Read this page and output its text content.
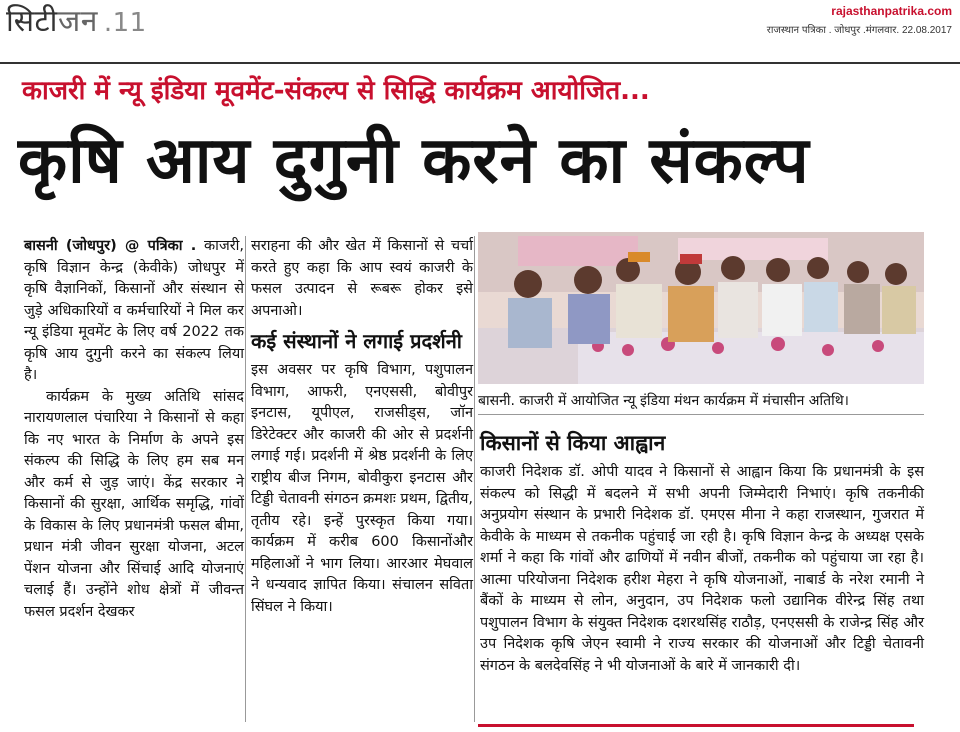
सिटीजन .11	rajasthanpatrika.com
राजस्थान पत्रिका . जोधपुर .मंगलवार. 22.08.2017
काजरी में न्यू इंडिया मूवमेंट-संकल्प से सिद्धि कार्यक्रम आयोजित...
कृषि आय दुगुनी करने का संकल्प

बासनी (जोधपुर) @ पत्रिका . काजरी, कृषि विज्ञान केन्द्र (केवीके) जोधपुर में कृषि वैज्ञानिकों, किसानों और संस्थान से जुड़े अधिकारियों व कर्मचारियों ने मिल कर न्यू इंडिया मूवमेंट के लिए वर्ष 2022 तक कृषि आय दुगुनी करने का संकल्प लिया है।

कार्यक्रम के मुख्य अतिथि सांसद नारायणलाल पंचारिया ने किसानों से कहा कि नए भारत के निर्माण के अपने इस संकल्प की सिद्धि के लिए हम सब मन और कर्म से जुड़ जाएं। केंद्र सरकार ने किसानों की सुरक्षा, आर्थिक समृद्धि, गांवों के विकास के लिए प्रधानमंत्री फसल बीमा, प्रधान मंत्री जीवन सुरक्षा योजना, अटल पेंशन योजना और सिंचाई आदि योजनाएं चलाई हैं। उन्होंने शोध क्षेत्रों में जीवन्त फसल प्रदर्शन देखकर

सराहना की और खेत में किसानों से चर्चा करते हुए कहा कि आप स्वयं काजरी के फसल उत्पादन से रूबरू होकर इसे अपनाओ।

कई संस्थानों ने लगाई प्रदर्शनी

इस अवसर पर कृषि विभाग, पशुपालन विभाग, आफरी, एनएससी, बोवीपुर इनटास, यूपीएल, राजसीड्स, जॉन डिरेटेक्टर और काजरी की ओर से प्रदर्शनी लगाई गई। प्रदर्शनी में श्रेष्ठ प्रदर्शनी के लिए राष्ट्रीय बीज निगम, बोवीकुरा इनटास और टिड्डी चेतावनी संगठन क्रमशः प्रथम, द्वितीय, तृतीय रहे। इन्हें पुरस्कृत किया गया। कार्यक्रम में करीब 600 किसानोंऔर महिलाओं ने भाग लिया। आरआर मेघवाल ने धन्यवाद ज्ञापित किया। संचालन सविता सिंघल ने किया।

बासनी. काजरी में आयोजित न्यू इंडिया मंथन कार्यक्रम में मंचासीन अतिथि।
किसानों से किया आह्वान

काजरी निदेशक डॉ. ओपी यादव ने किसानों से आह्वान किया कि प्रधानमंत्री के इस संकल्प को सिद्धी में बदलने में सभी अपनी जिम्मेदारी निभाएं। कृषि तकनीकी अनुप्रयोग संस्थान के प्रभारी निदेशक डॉ. एमएस मीना ने कहा राजस्थान, गुजरात में केवीके के माध्यम से तकनीक पहुंचाई जा रही है। कृषि विज्ञान केन्द्र के अध्यक्ष एसके शर्मा ने कहा कि गांवों और ढाणियों में नवीन बीजों, तकनीक को पहुंचाया जा रहा है। आत्मा परियोजना निदेशक हरीश मेहरा ने कृषि योजनाओं, नाबार्ड के नरेश रमानी ने बैंकों के माध्यम से लोन, अनुदान, उप निदेशक फलो उद्यानिक वीरेन्द्र सिंह तथा पशुपालन विभाग के संयुक्त निदेशक दशरथसिंह राठौड़, एनएससी के राजेन्द्र सिंह और उप निदेशक कृषि जेएन स्वामी ने राज्य सरकार की योजनाओं और टिड्डी चेतावनी संगठन के बलदेवसिंह ने भी योजनाओं के बारे में जानकारी दी।
